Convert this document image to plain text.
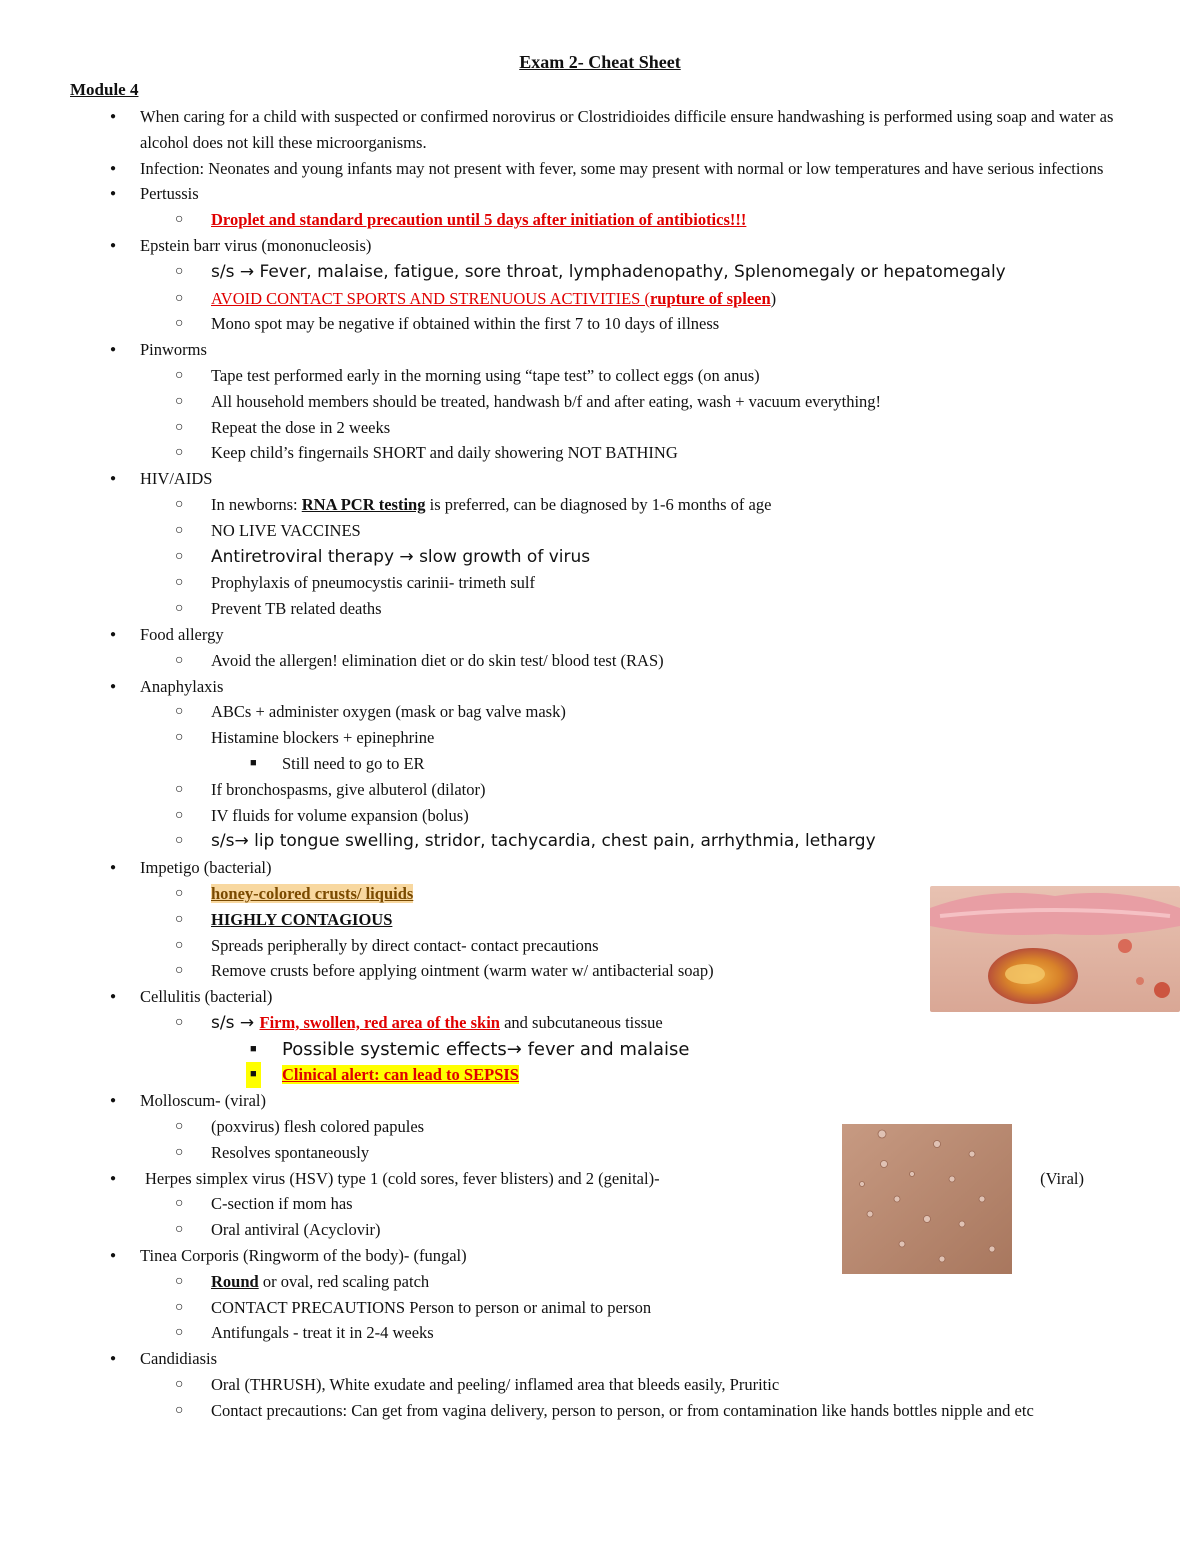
Exam 2- Cheat Sheet
Module 4
● When caring for a child with suspected or confirmed norovirus or Clostridioides difficile ensure handwashing is performed using soap and water as alcohol does not kill these microorganisms.
● Infection: Neonates and young infants may not present with fever, some may present with normal or low temperatures and have serious infections
● Pertussis
○ Droplet and standard precaution until 5 days after initiation of antibiotics!!!
● Epstein barr virus (mononucleosis)
○ s/s → Fever, malaise, fatigue, sore throat, lymphadenopathy, Splenomegaly or hepatomegaly
○ AVOID CONTACT SPORTS AND STRENUOUS ACTIVITIES (rupture of spleen)
○ Mono spot may be negative if obtained within the first 7 to 10 days of illness
● Pinworms
○ Tape test performed early in the morning using “tape test” to collect eggs (on anus)
○ All household members should be treated, handwash b/f and after eating, wash + vacuum everything!
○ Repeat the dose in 2 weeks
○ Keep child’s fingernails SHORT and daily showering NOT BATHING
● HIV/AIDS
○ In newborns: RNA PCR testing is preferred, can be diagnosed by 1-6 months of age
○ NO LIVE VACCINES
○ Antiretroviral therapy → slow growth of virus
○ Prophylaxis of pneumocystis carinii- trimeth sulf
○ Prevent TB related deaths
● Food allergy
○ Avoid the allergen! elimination diet or do skin test/ blood test (RAS)
● Anaphylaxis
○ ABCs + administer oxygen (mask or bag valve mask)
○ Histamine blockers + epinephrine
■ Still need to go to ER
○ If bronchospasms, give albuterol (dilator)
○ IV fluids for volume expansion (bolus)
○ s/s→ lip tongue swelling, stridor, tachycardia, chest pain, arrhythmia, lethargy
● Impetigo (bacterial)
○ honey-colored crusts/ liquids
○ HIGHLY CONTAGIOUS
○ Spreads peripherally by direct contact- contact precautions
○ Remove crusts before applying ointment (warm water w/ antibacterial soap)
● Cellulitis (bacterial)
○ s/s → Firm, swollen, red area of the skin and subcutaneous tissue
■ Possible systemic effects→ fever and malaise
■ Clinical alert: can lead to SEPSIS
● Molloscum- (viral)
○ (poxvirus) flesh colored papules
○ Resolves spontaneously
● Herpes simplex virus (HSV) type 1 (cold sores, fever blisters) and 2 (genital)-	(Viral)
○ C-section if mom has
○ Oral antiviral (Acyclovir)
● Tinea Corporis (Ringworm of the body)- (fungal)
○ Round or oval, red scaling patch
○ CONTACT PRECAUTIONS Person to person or animal to person
○ Antifungals - treat it in 2-4 weeks
● Candidiasis
○ Oral (THRUSH), White exudate and peeling/ inflamed area that bleeds easily, Pruritic
○ Contact precautions: Can get from vagina delivery, person to person, or from contamination like hands bottles nipple and etc
